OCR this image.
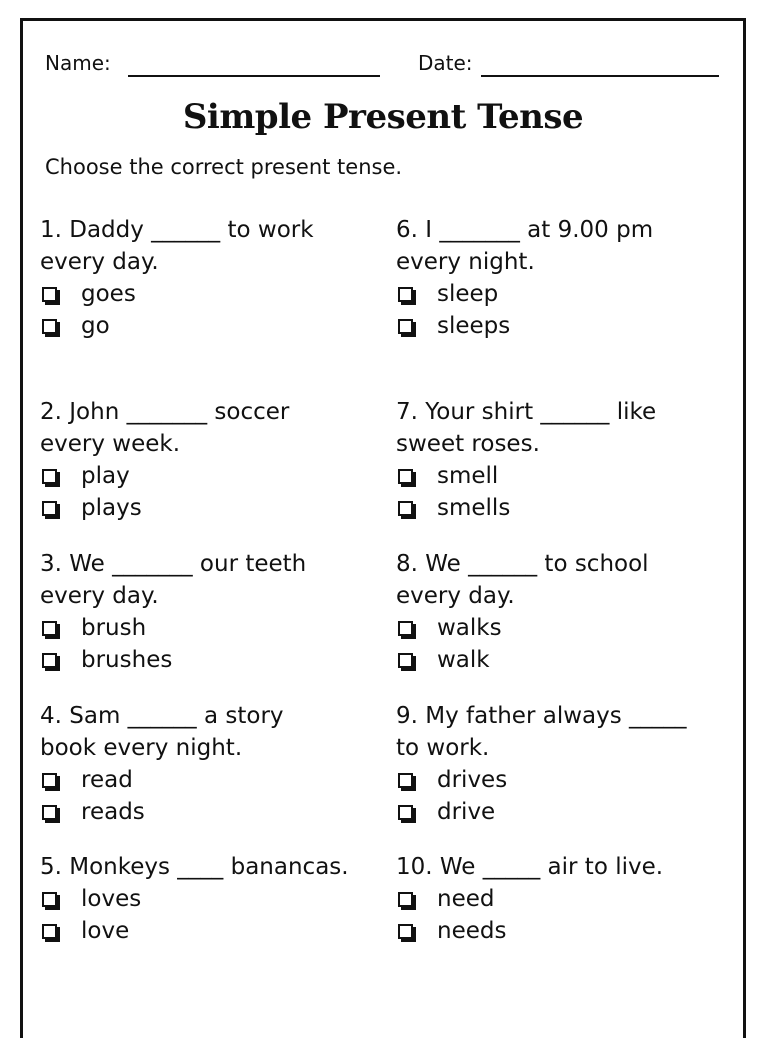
Name:	Date:
Simple Present Tense
Choose the correct present tense.
1. Daddy ______ to work
every day.
goes
go
2. John _______ soccer
every week.
play
plays
3. We _______ our teeth
every day.
brush
brushes
4. Sam ______ a story
book every night.
read
reads
5. Monkeys ____ banancas.
loves
love
6. I _______ at 9.00 pm
every night.
sleep
sleeps
7. Your shirt ______ like
sweet roses.
smell
smells
8. We ______ to school
every day.
walks
walk
9. My father always _____
to work.
drives
drive
10. We _____ air to live.
need
needs
